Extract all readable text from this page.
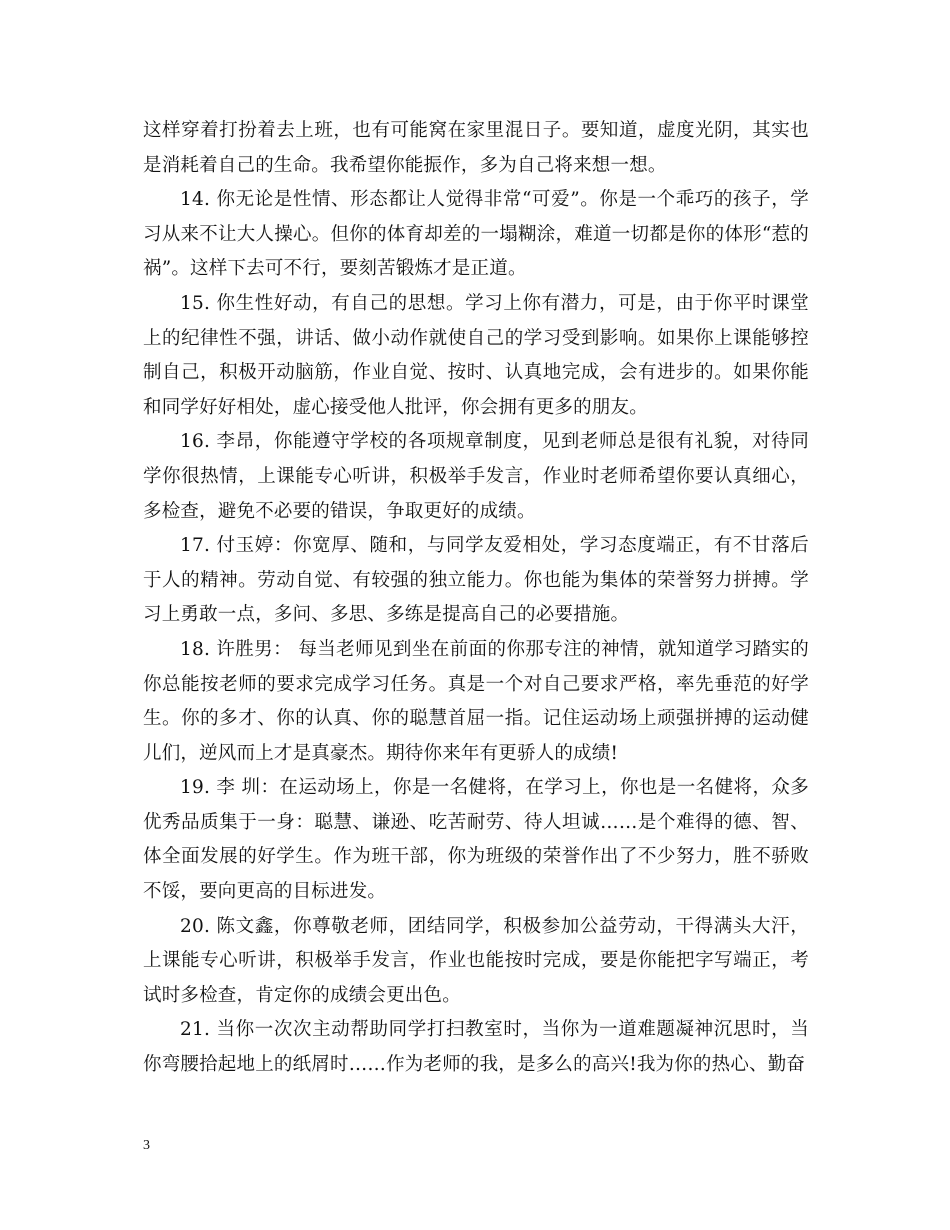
这样穿着打扮着去上班，也有可能窝在家里混日子。要知道，虚度光阴，其实也是消耗着自己的生命。我希望你能振作，多为自己将来想一想。

14. 你无论是性情、形态都让人觉得非常“可爱”。你是一个乖巧的孩子，学习从来不让大人操心。但你的体育却差的一塌糊涂，难道一切都是你的体形“惹的祸”。这样下去可不行，要刻苦锻炼才是正道。

15. 你生性好动，有自己的思想。学习上你有潜力，可是，由于你平时课堂上的纪律性不强，讲话、做小动作就使自己的学习受到影响。如果你上课能够控制自己，积极开动脑筋，作业自觉、按时、认真地完成，会有进步的。如果你能和同学好好相处，虚心接受他人批评，你会拥有更多的朋友。

16. 李昂，你能遵守学校的各项规章制度，见到老师总是很有礼貌，对待同学你很热情，上课能专心听讲，积极举手发言，作业时老师希望你要认真细心，多检查，避免不必要的错误，争取更好的成绩。

17. 付玉婷：你宽厚、随和，与同学友爱相处，学习态度端正，有不甘落后于人的精神。劳动自觉、有较强的独立能力。你也能为集体的荣誉努力拼搏。学习上勇敢一点，多问、多思、多练是提高自己的必要措施。

18. 许胜男： 每当老师见到坐在前面的你那专注的神情，就知道学习踏实的你总能按老师的要求完成学习任务。真是一个对自己要求严格，率先垂范的好学生。你的多才、你的认真、你的聪慧首屈一指。记住运动场上顽强拼搏的运动健儿们，逆风而上才是真豪杰。期待你来年有更骄人的成绩!

19. 李 圳：在运动场上，你是一名健将，在学习上，你也是一名健将，众多优秀品质集于一身：聪慧、谦逊、吃苦耐劳、待人坦诚……是个难得的德、智、体全面发展的好学生。作为班干部，你为班级的荣誉作出了不少努力，胜不骄败不馁，要向更高的目标进发。

20. 陈文鑫，你尊敬老师，团结同学，积极参加公益劳动，干得满头大汗，上课能专心听讲，积极举手发言，作业也能按时完成，要是你能把字写端正，考试时多检查，肯定你的成绩会更出色。

21. 当你一次次主动帮助同学打扫教室时，当你为一道难题凝神沉思时，当你弯腰拾起地上的纸屑时……作为老师的我，是多么的高兴!我为你的热心、勤奋

3
